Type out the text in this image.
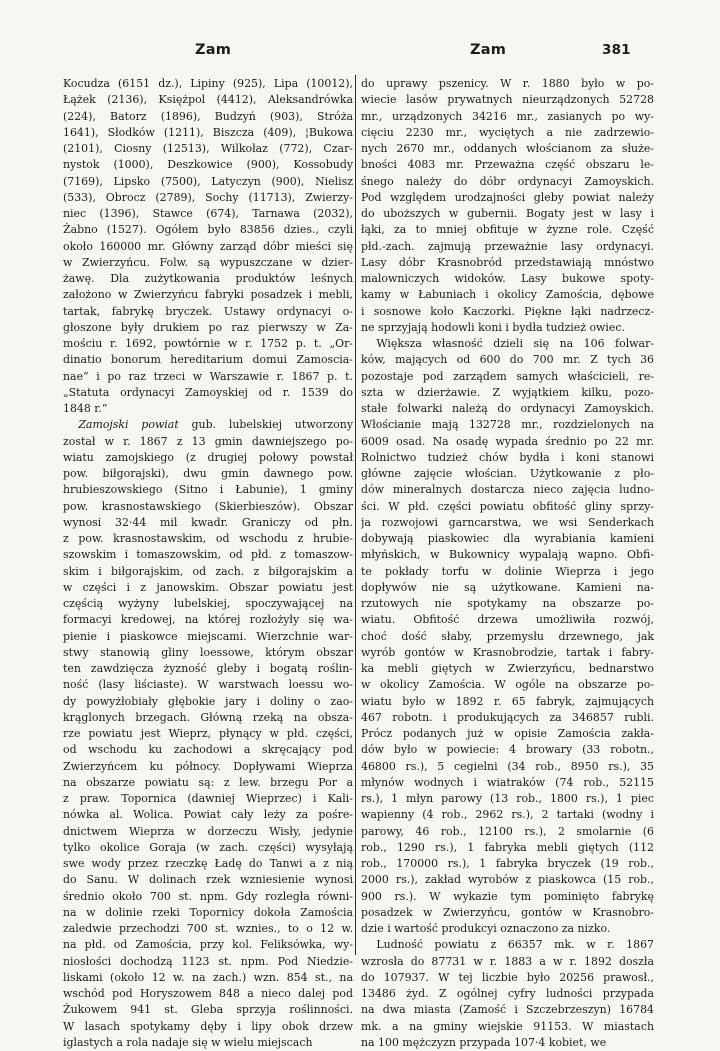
Zam	Zam	381
Kocudza (6151 dz.), Lipiny (925), Lipa (10012),
Łążek (2136), Księżpol (4412), Aleksandrówka
(224), Batorz (1896), Budzyń (903), Stróża
1641), Słodków (1211), Biszcza (409), ¦Bukowa
(2101), Ciosny (12513), Wilkołaz (772), Czar-
nystok (1000), Deszkowice (900), Kossobudy
(7169), Lipsko (7500), Latyczyn (900), Nielisz
(533), Obrocz (2789), Sochy (11713), Zwierzy-
niec (1396), Stawce (674), Tarnawa (2032),
Żabno (1527). Ogółem było 83856 dzies., czyli
około 160000 mr. Główny zarząd dóbr mieści się
w Zwierzyńcu. Folw. są wypuszczane w dzier-
żawę. Dla zużytkowania produktów leśnych
założono w Zwierzyńcu fabryki posadzek i mebli,
tartak, fabrykę bryczek. Ustawy ordynacyi o-
głoszone były drukiem po raz pierwszy w Za-
mościu r. 1692, powtórnie w r. 1752 p. t. „Or-
dinatio bonorum hereditarium domui Zamoscia-
nae“ i po raz trzeci w Warszawie r. 1867 p. t.
„Statuta ordynacyi Zamoyskiej od r. 1539 do
1848 r.“
Zamojski powiat gub. lubelskiej utworzony
został w r. 1867 z 13 gmin dawniejszego po-
wiatu zamojskiego (z drugiej połowy powstał
pow. biłgorajski), dwu gmin dawnego pow.
hrubieszowskiego (Sitno i Łabunie), 1 gminy
pow. krasnostawskiego (Skierbieszów). Obszar
wynosi 32·44 mil kwadr. Graniczy od płn.
z pow. krasnostawskim, od wschodu z hrubie-
szowskim i tomaszowskim, od płd. z tomaszow-
skim i biłgorajskim, od zach. z biłgorajskim a
w części i z janowskim. Obszar powiatu jest
częścią wyżyny lubelskiej, spoczywającej na
formacyi kredowej, na której rozłożyły się wa-
pienie i piaskowce miejscami. Wierzchnie war-
stwy stanowią gliny loessowe, którym obszar
ten zawdzięcza żyzność gleby i bogatą roślin-
ność (lasy liściaste). W warstwach loessu wo-
dy powyżłobiały głębokie jary i doliny o zao-
krąglonych brzegach. Główną rzeką na obsza-
rze powiatu jest Wieprz, płynący w płd. części,
od wschodu ku zachodowi a skręcający pod
Zwierzyńcem ku północy. Dopływami Wieprza
na obszarze powiatu są: z lew. brzegu Por a
z praw. Topornica (dawniej Wieprzec) i Kali-
nówka al. Wolica. Powiat cały leży za pośre-
dnictwem Wieprza w dorzeczu Wisły, jedynie
tylko okolice Goraja (w zach. części) wysyłają
swe wody przez rzeczkę Ładę do Tanwi a z nią
do Sanu. W dolinach rzek wzniesienie wynosi
średnio około 700 st. npm. Gdy rozległa równi-
na w dolinie rzeki Topornicy dokoła Zamościa
zaledwie przechodzi 700 st. wznies., to o 12 w.
na płd. od Zamościa, przy kol. Feliksówka, wy-
niosłości dochodzą 1123 st. npm. Pod Niedzie-
liskami (około 12 w. na zach.) wzn. 854 st., na
wschód pod Horyszowem 848 a nieco dalej pod
Żukowem 941 st. Gleba sprzyja roślinności.
W lasach spotykamy dęby i lipy obok drzew
iglastych a rola nadaje się w wielu miejscach
do uprawy pszenicy. W r. 1880 było w po-
wiecie lasów prywatnych nieurządzonych 52728
mr., urządzonych 34216 mr., zasianych po wy-
cięciu 2230 mr., wyciętych a nie zadrzewio-
nych 2670 mr., oddanych włościanom za służe-
bności 4083 mr. Przeważna część obszaru le-
śnego należy do dóbr ordynacyi Zamoyskich.
Pod względem urodzajności gleby powiat należy
do uboższych w gubernii. Bogaty jest w lasy i
łąki, za to mniej obfituje w żyzne role. Część
płd.-zach. zajmują przeważnie lasy ordynacyi.
Lasy dóbr Krasnobród przedstawiają mnóstwo
malowniczych widoków. Lasy bukowe spoty-
kamy w Łabuniach i okolicy Zamościa, dębowe
i sosnowe koło Kaczorki. Piękne łąki nadrzecz-
ne sprzyjają hodowli koni i bydła tudzież owiec.
Większa własność dzieli się na 106 folwar-
ków, mających od 600 do 700 mr. Z tych 36
pozostaje pod zarządem samych właścicieli, re-
szta w dzierżawie. Z wyjątkiem kilku, pozo-
stałe folwarki należą do ordynacyi Zamoyskich.
Włościanie mają 132728 mr., rozdzielonych na
6009 osad. Na osadę wypada średnio po 22 mr.
Rolnictwo tudzież chów bydła i koni stanowi
główne zajęcie włościan. Użytkowanie z pło-
dów mineralnych dostarcza nieco zajęcia ludno-
ści. W płd. części powiatu obfitość gliny sprzy-
ja rozwojowi garncarstwa, we wsi Senderkach
dobywają piaskowiec dla wyrabiania kamieni
młyńskich, w Bukownicy wypalają wapno. Obfi-
te pokłady torfu w dolinie Wieprza i jego
dopływów nie są użytkowane. Kamieni na-
rzutowych nie spotykamy na obszarze po-
wiatu. Obfitość drzewa umożliwiła rozwój,
choć dość słaby, przemysłu drzewnego, jak
wyrób gontów w Krasnobrodzie, tartak i fabry-
ka mebli giętych w Zwierzyńcu, bednarstwo
w okolicy Zamościa. W ogóle na obszarze po-
wiatu było w 1892 r. 65 fabryk, zajmujących
467 robotn. i produkujących za 346857 rubli.
Prócz podanych już w opisie Zamościa zakła-
dów było w powiecie: 4 browary (33 robotn.,
46800 rs.), 5 cegielni (34 rob., 8950 rs.), 35
młynów wodnych i wiatraków (74 rob., 52115
rs.), 1 młyn parowy (13 rob., 1800 rs.), 1 piec
wapienny (4 rob., 2962 rs.), 2 tartaki (wodny i
parowy, 46 rob., 12100 rs.), 2 smolarnie (6
rob., 1290 rs.), 1 fabryka mebli giętych (112
rob., 170000 rs.), 1 fabryka bryczek (19 rob.,
2000 rs.), zakład wyrobów z piaskowca (15 rob.,
900 rs.). W wykazie tym pominięto fabrykę
posadzek w Zwierzyńcu, gontów w Krasnobro-
dzie i wartość produkcyi oznaczono za nizko.
Ludność powiatu z 66357 mk. w r. 1867
wzrosła do 87731 w r. 1883 a w r. 1892 doszła
do 107937. W tej liczbie było 20256 prawosł.,
13486 żyd. Z ogólnej cyfry ludności przypada
na dwa miasta (Zamość i Szczebrzeszyn) 16784
mk. a na gminy wiejskie 91153. W miastach
na 100 mężczyzn przypada 107·4 kobiet, we
